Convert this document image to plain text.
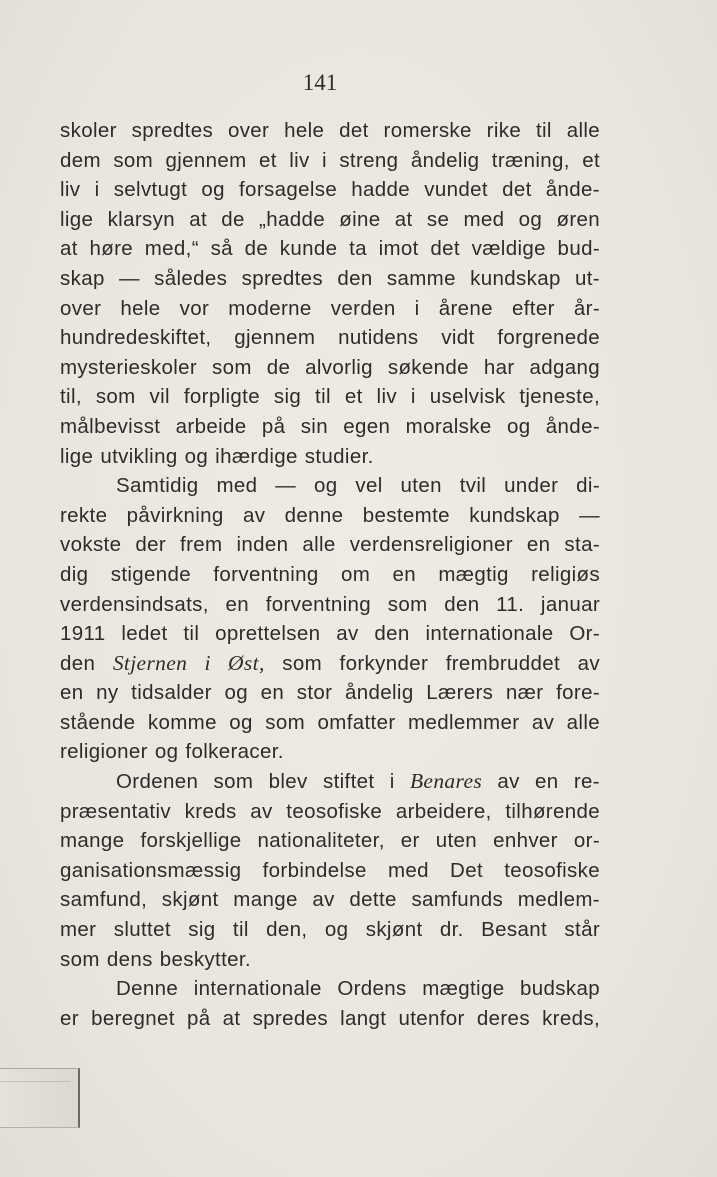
141
skoler spredtes over hele det romerske rike til alle
dem som gjennem et liv i streng åndelig træning, et
liv i selvtugt og forsagelse hadde vundet det ånde-
lige klarsyn at de „hadde øine at se med og øren
at høre med,“ så de kunde ta imot det vældige bud-
skap — således spredtes den samme kundskap ut-
over hele vor moderne verden i årene efter år-
hundredeskiftet, gjennem nutidens vidt forgrenede
mysterieskoler som de alvorlig søkende har adgang
til, som vil forpligte sig til et liv i uselvisk tjeneste,
målbevisst arbeide på sin egen moralske og ånde-
lige utvikling og ihærdige studier.
Samtidig med — og vel uten tvil under di-
rekte påvirkning av denne bestemte kundskap —
vokste der frem inden alle verdensreligioner en sta-
dig stigende forventning om en mægtig religiøs
verdensindsats, en forventning som den 11. januar
1911 ledet til oprettelsen av den internationale Or-
den Stjernen i Øst, som forkynder frembruddet av
en ny tidsalder og en stor åndelig Lærers nær fore-
stående komme og som omfatter medlemmer av alle
religioner og folkeracer.
Ordenen som blev stiftet i Benares av en re-
præsentativ kreds av teosofiske arbeidere, tilhørende
mange forskjellige nationaliteter, er uten enhver or-
ganisationsmæssig forbindelse med Det teosofiske
samfund, skjønt mange av dette samfunds medlem-
mer sluttet sig til den, og skjønt dr. Besant står
som dens beskytter.
Denne internationale Ordens mægtige budskap
er beregnet på at spredes langt utenfor deres kreds,
